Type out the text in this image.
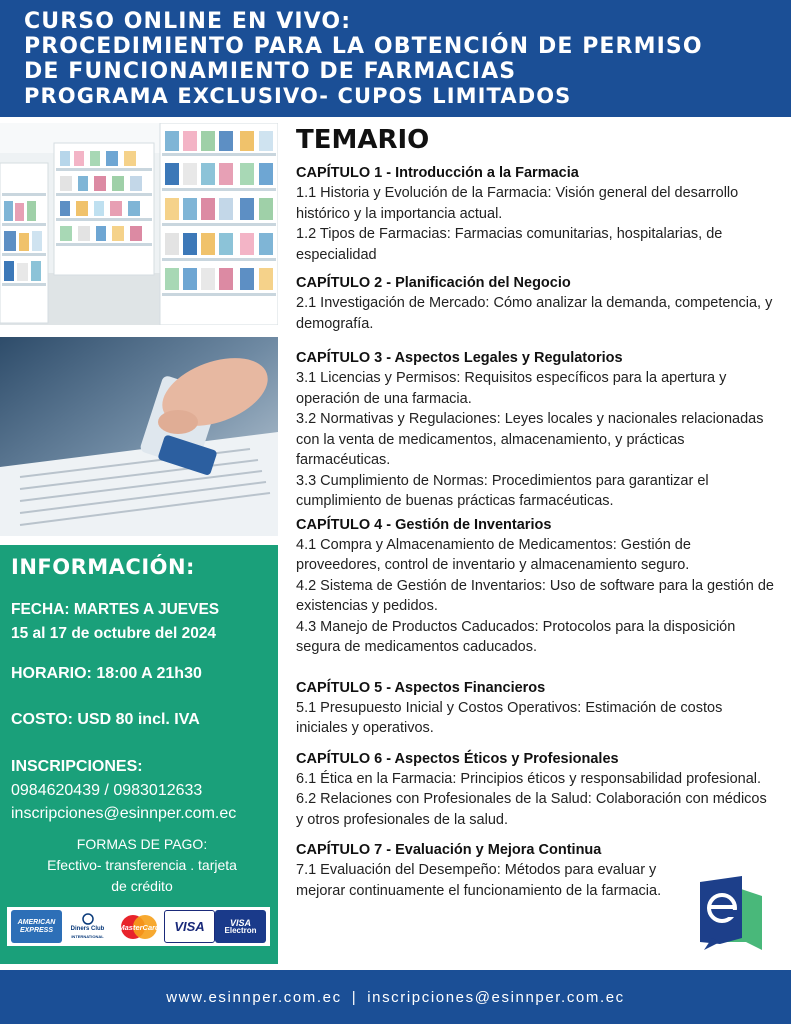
CURSO ONLINE EN VIVO:
PROCEDIMIENTO PARA LA OBTENCIÓN DE PERMISO
DE FUNCIONAMIENTO DE FARMACIAS
PROGRAMA EXCLUSIVO- CUPOS LIMITADOS
INFORMACIÓN:
FECHA: MARTES A JUEVES
15 al 17 de octubre del 2024
HORARIO: 18:00 A 21h30
COSTO: USD 80 incl. IVA
INSCRIPCIONES:
0984620439 / 0983012633
inscripciones@esinnper.com.ec
FORMAS DE PAGO:
Efectivo- transferencia . tarjeta
de crédito
AMERICAN EXPRESS	Diners Club
INTERNATIONAL
MasterCard	VISA	VISA
Electron
TEMARIO
CAPÍTULO 1 - Introducción a la Farmacia
1.1 Historia y Evolución de la Farmacia: Visión general del desarrollo histórico y la importancia actual.
1.2 Tipos de Farmacias: Farmacias comunitarias, hospitalarias, de especialidad
CAPÍTULO 2 - Planificación del Negocio
2.1 Investigación de Mercado: Cómo analizar la demanda, competencia, y demografía.
CAPÍTULO 3 - Aspectos Legales y Regulatorios
3.1 Licencias y Permisos: Requisitos específicos para la apertura y operación de una farmacia.
3.2 Normativas y Regulaciones: Leyes locales y nacionales relacionadas con la venta de medicamentos, almacenamiento, y prácticas farmacéuticas.
3.3 Cumplimiento de Normas: Procedimientos para garantizar el cumplimiento de buenas prácticas farmacéuticas.
CAPÍTULO 4 - Gestión de Inventarios
4.1 Compra y Almacenamiento de Medicamentos: Gestión de proveedores, control de inventario y almacenamiento seguro.
4.2 Sistema de Gestión de Inventarios: Uso de software para la gestión de existencias y pedidos.
4.3 Manejo de Productos Caducados: Protocolos para la disposición segura de medicamentos caducados.
CAPÍTULO 5 - Aspectos Financieros
5.1 Presupuesto Inicial y Costos Operativos: Estimación de costos iniciales y operativos.
CAPÍTULO 6 - Aspectos Éticos y Profesionales
6.1 Ética en la Farmacia: Principios éticos y responsabilidad profesional.
6.2 Relaciones con Profesionales de la Salud: Colaboración con médicos y otros profesionales de la salud.
CAPÍTULO 7 - Evaluación y Mejora Continua
7.1 Evaluación del Desempeño: Métodos para evaluar y mejorar continuamente el funcionamiento de la farmacia.
www.esinnper.com.ec | inscripciones@esinnper.com.ec
